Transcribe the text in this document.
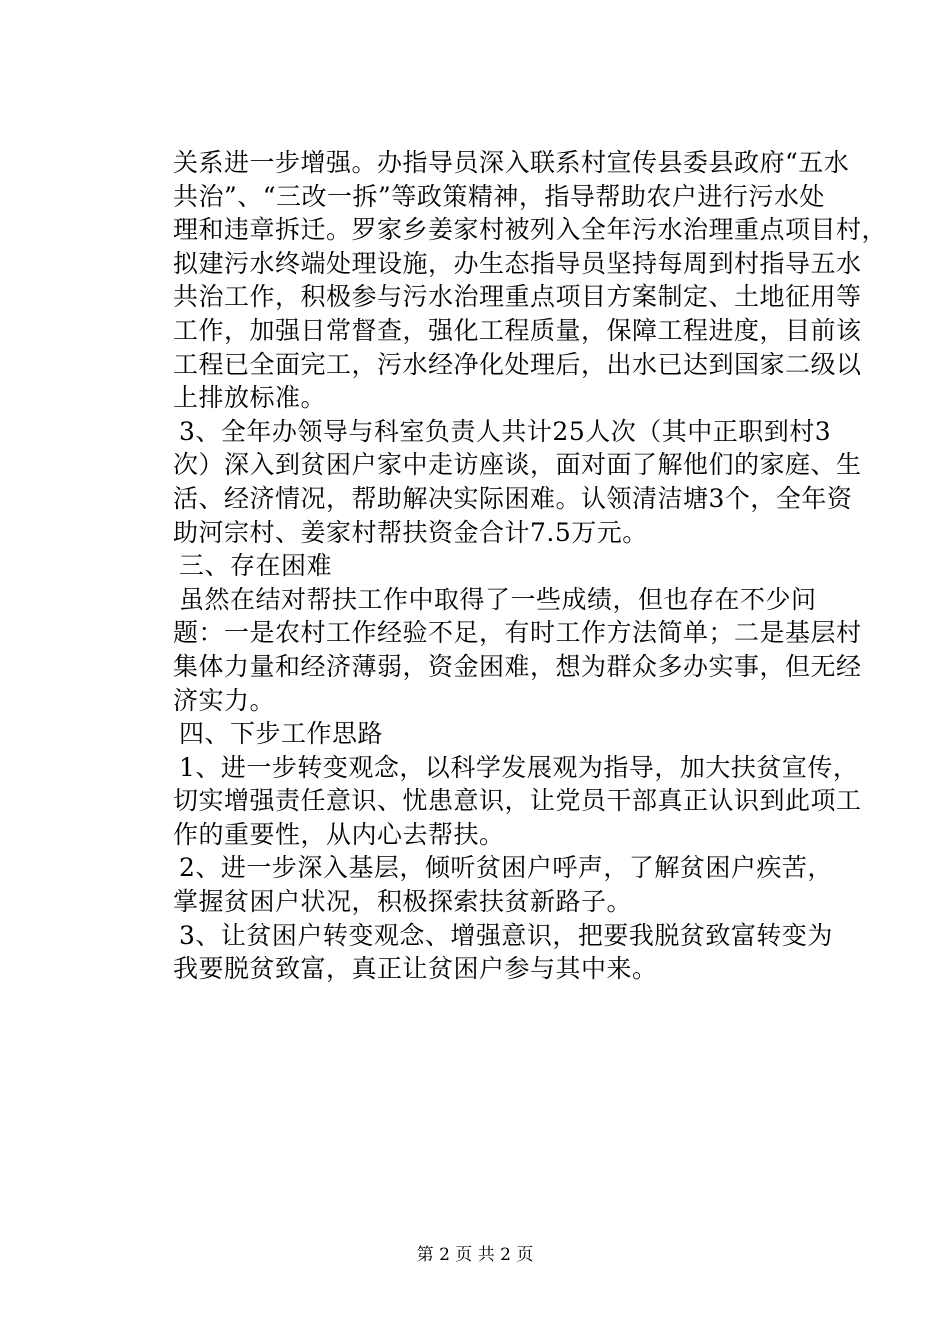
关系进一步增强。办指导员深入联系村宣传县委县政府“五水
共治”、“三改一拆”等政策精神，指导帮助农户进行污水处
理和违章拆迁。罗家乡姜家村被列入全年污水治理重点项目村，
拟建污水终端处理设施，办生态指导员坚持每周到村指导五水
共治工作，积极参与污水治理重点项目方案制定、土地征用等
工作，加强日常督查，强化工程质量，保障工程进度，目前该
工程已全面完工，污水经净化处理后，出水已达到国家二级以
上排放标准。
3、全年办领导与科室负责人共计25人次（其中正职到村3
次）深入到贫困户家中走访座谈，面对面了解他们的家庭、生
活、经济情况，帮助解决实际困难。认领清洁塘3个，全年资
助河宗村、姜家村帮扶资金合计7.5万元。
三、存在困难
虽然在结对帮扶工作中取得了一些成绩，但也存在不少问
题：一是农村工作经验不足，有时工作方法简单；二是基层村
集体力量和经济薄弱，资金困难，想为群众多办实事，但无经
济实力。
四、下步工作思路
1、进一步转变观念，以科学发展观为指导，加大扶贫宣传，
切实增强责任意识、忧患意识，让党员干部真正认识到此项工
作的重要性，从内心去帮扶。
2、进一步深入基层，倾听贫困户呼声，了解贫困户疾苦，
掌握贫困户状况，积极探索扶贫新路子。
3、让贫困户转变观念、增强意识，把要我脱贫致富转变为
我要脱贫致富，真正让贫困户参与其中来。
第 2 页 共 2 页
